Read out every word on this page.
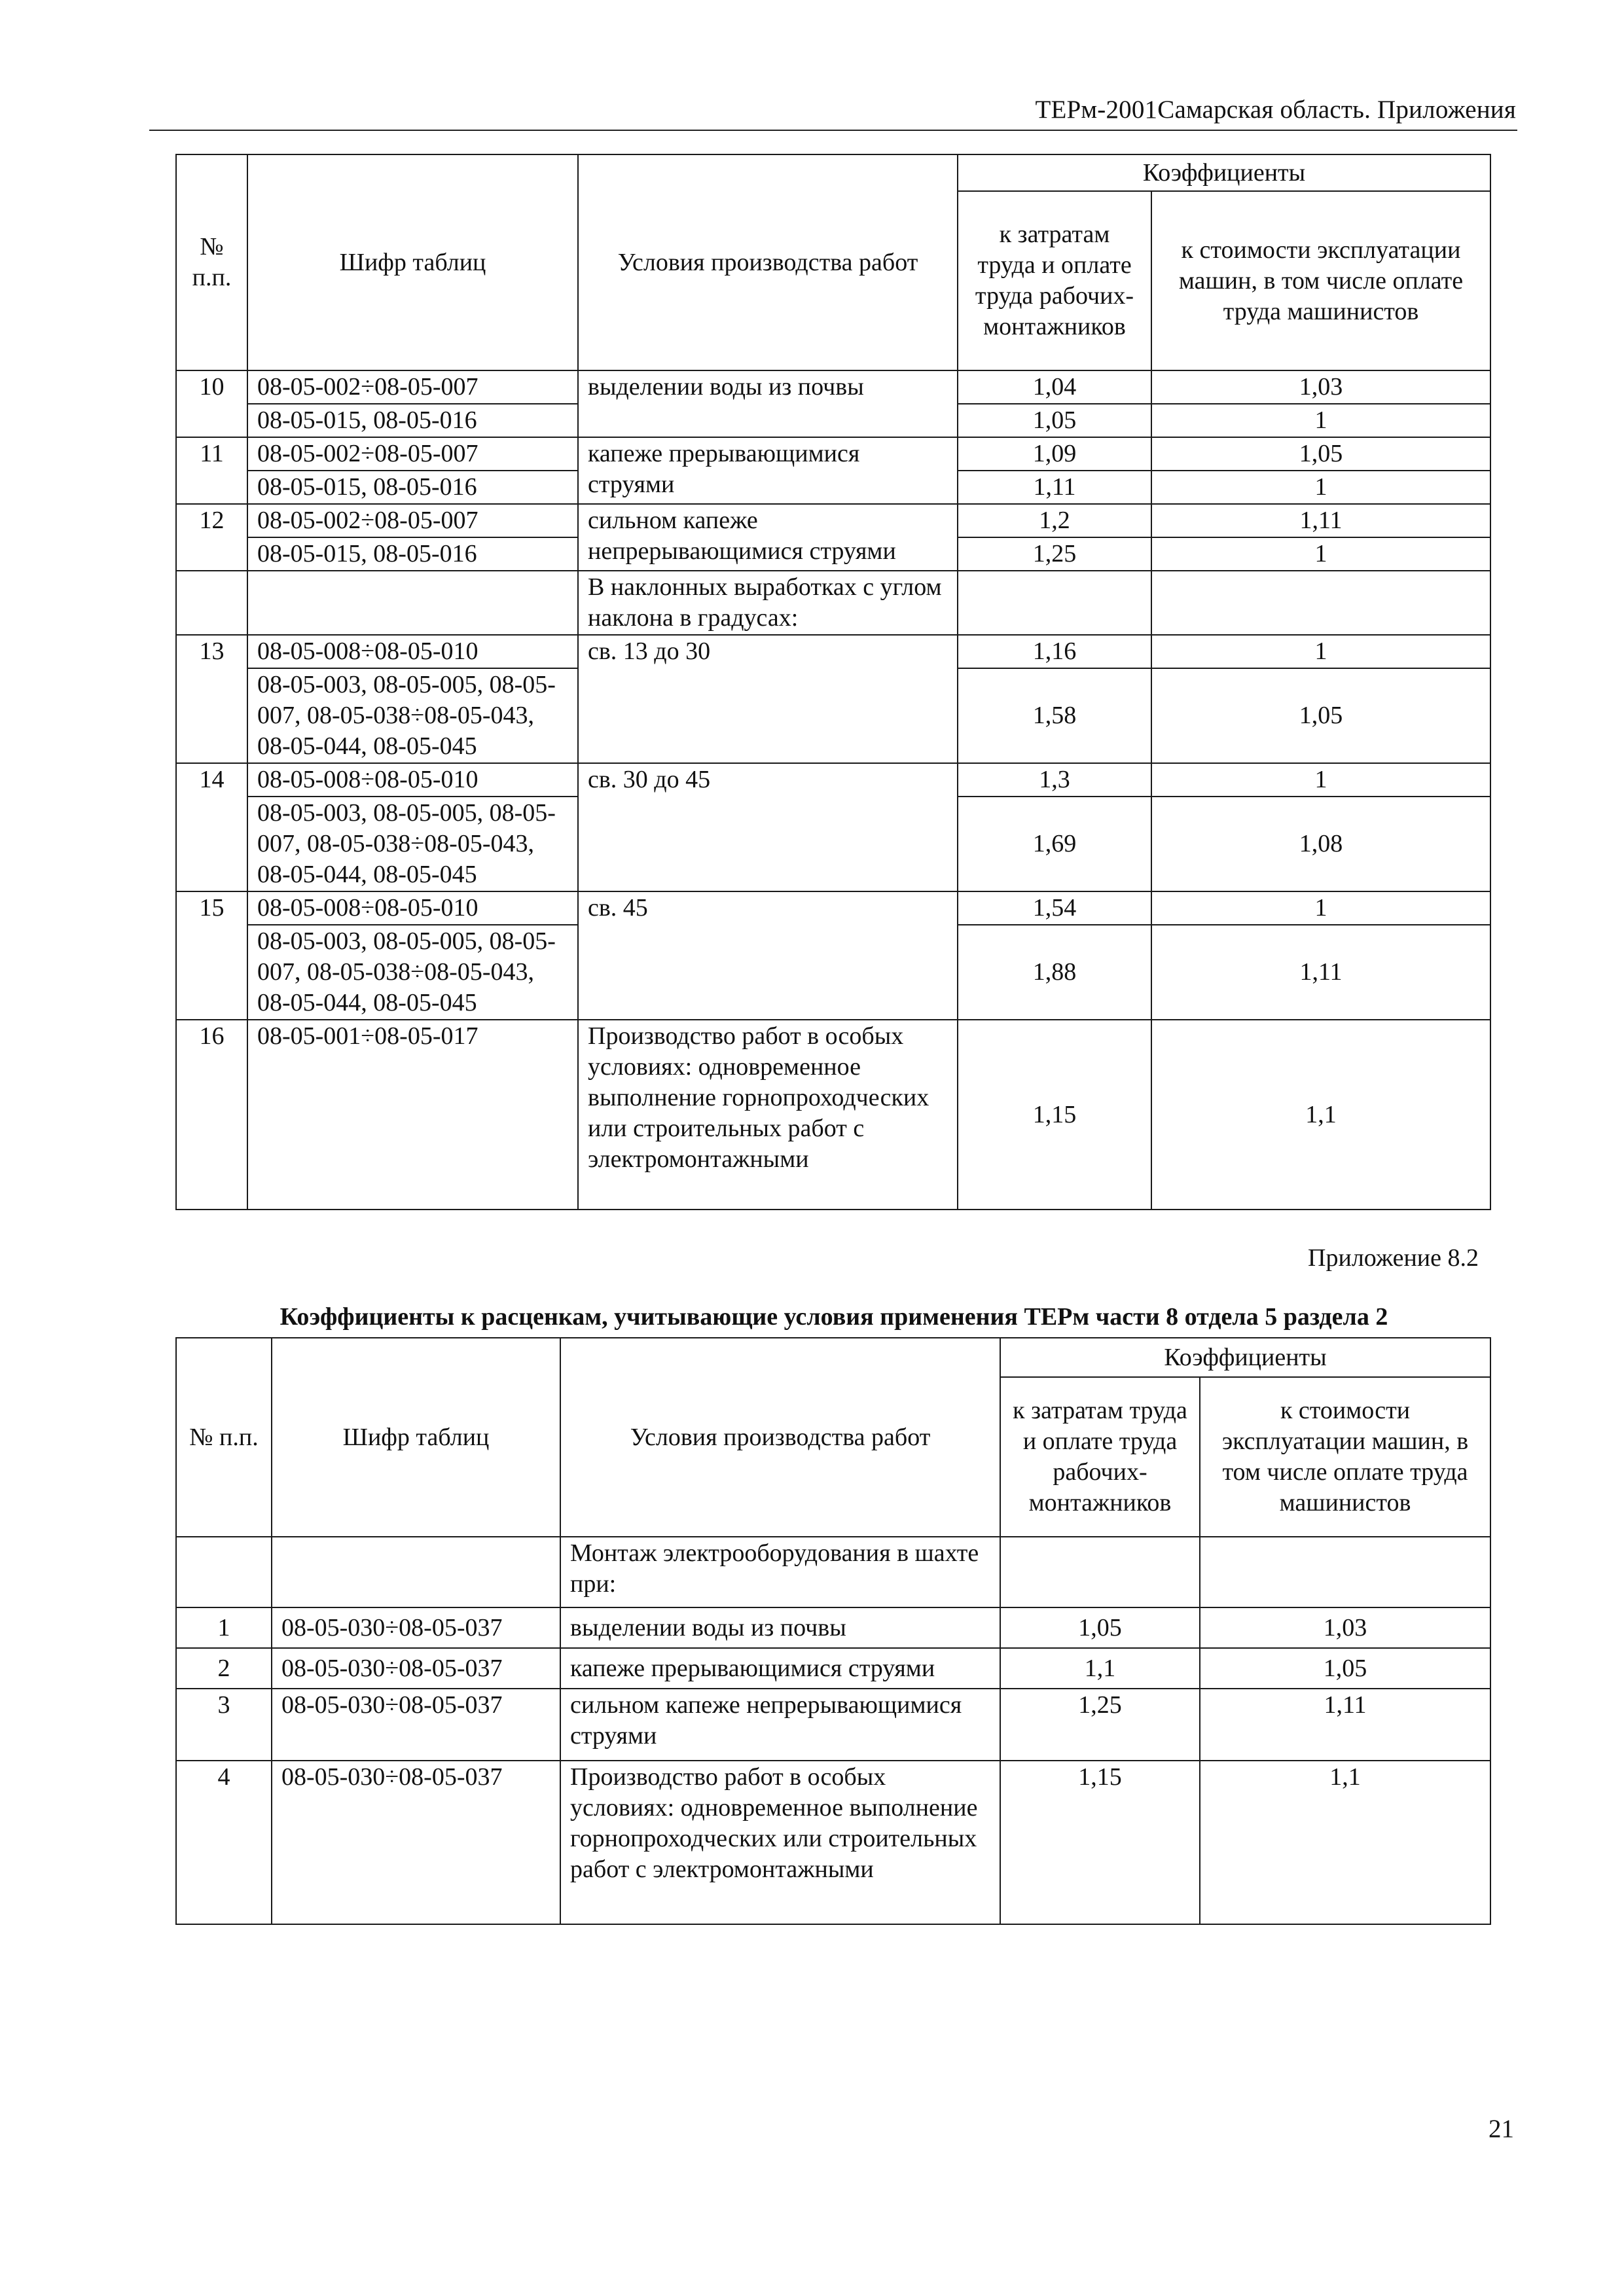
ТЕРм-2001Самарская область. Приложения
№ п.п.	Шифр таблиц	Условия производства работ	Коэффициенты	
			к затратам труда и оплате труда рабочих-монтажников	к стоимости эксплуатации машин, в том числе оплате труда машинистов
10	08-05-002÷08-05-007	выделении воды из почвы	1,04	1,03
	08-05-015, 08-05-016		1,05	1
11	08-05-002÷08-05-007	капеже прерывающимися струями	1,09	1,05
	08-05-015, 08-05-016		1,11	1
12	08-05-002÷08-05-007	сильном капеже непрерывающимися струями	1,2	1,11
	08-05-015, 08-05-016		1,25	1
		В наклонных выработках с углом наклона в градусах:		
13	08-05-008÷08-05-010	св. 13 до 30	1,16	1
	08-05-003, 08-05-005, 08-05-007, 08-05-038÷08-05-043, 08-05-044, 08-05-045		1,58	1,05
14	08-05-008÷08-05-010	св. 30 до 45	1,3	1
	08-05-003, 08-05-005, 08-05-007, 08-05-038÷08-05-043, 08-05-044, 08-05-045		1,69	1,08
15	08-05-008÷08-05-010	св. 45	1,54	1
	08-05-003, 08-05-005, 08-05-007, 08-05-038÷08-05-043, 08-05-044, 08-05-045		1,88	1,11
16	08-05-001÷08-05-017	Производство работ в особых условиях: одновременное выполнение горнопроходческих или строительных работ с электромонтажными	1,15	1,1
Приложение 8.2
Коэффициенты к расценкам, учитывающие условия применения ТЕРм части 8 отдела 5 раздела 2
№ п.п.	Шифр таблиц	Условия производства работ	Коэффициенты	
			к затратам труда и оплате труда рабочих-монтажников	к стоимости эксплуатации машин, в том числе оплате труда машинистов
		Монтаж электрооборудования в шахте при:		
1	08-05-030÷08-05-037	выделении воды из почвы	1,05	1,03
2	08-05-030÷08-05-037	капеже прерывающимися струями	1,1	1,05
3	08-05-030÷08-05-037	сильном капеже непрерывающимися струями	1,25	1,11
4	08-05-030÷08-05-037	Производство работ в особых условиях: одновременное выполнение горнопроходческих или строительных работ с электромонтажными	1,15	1,1
21
